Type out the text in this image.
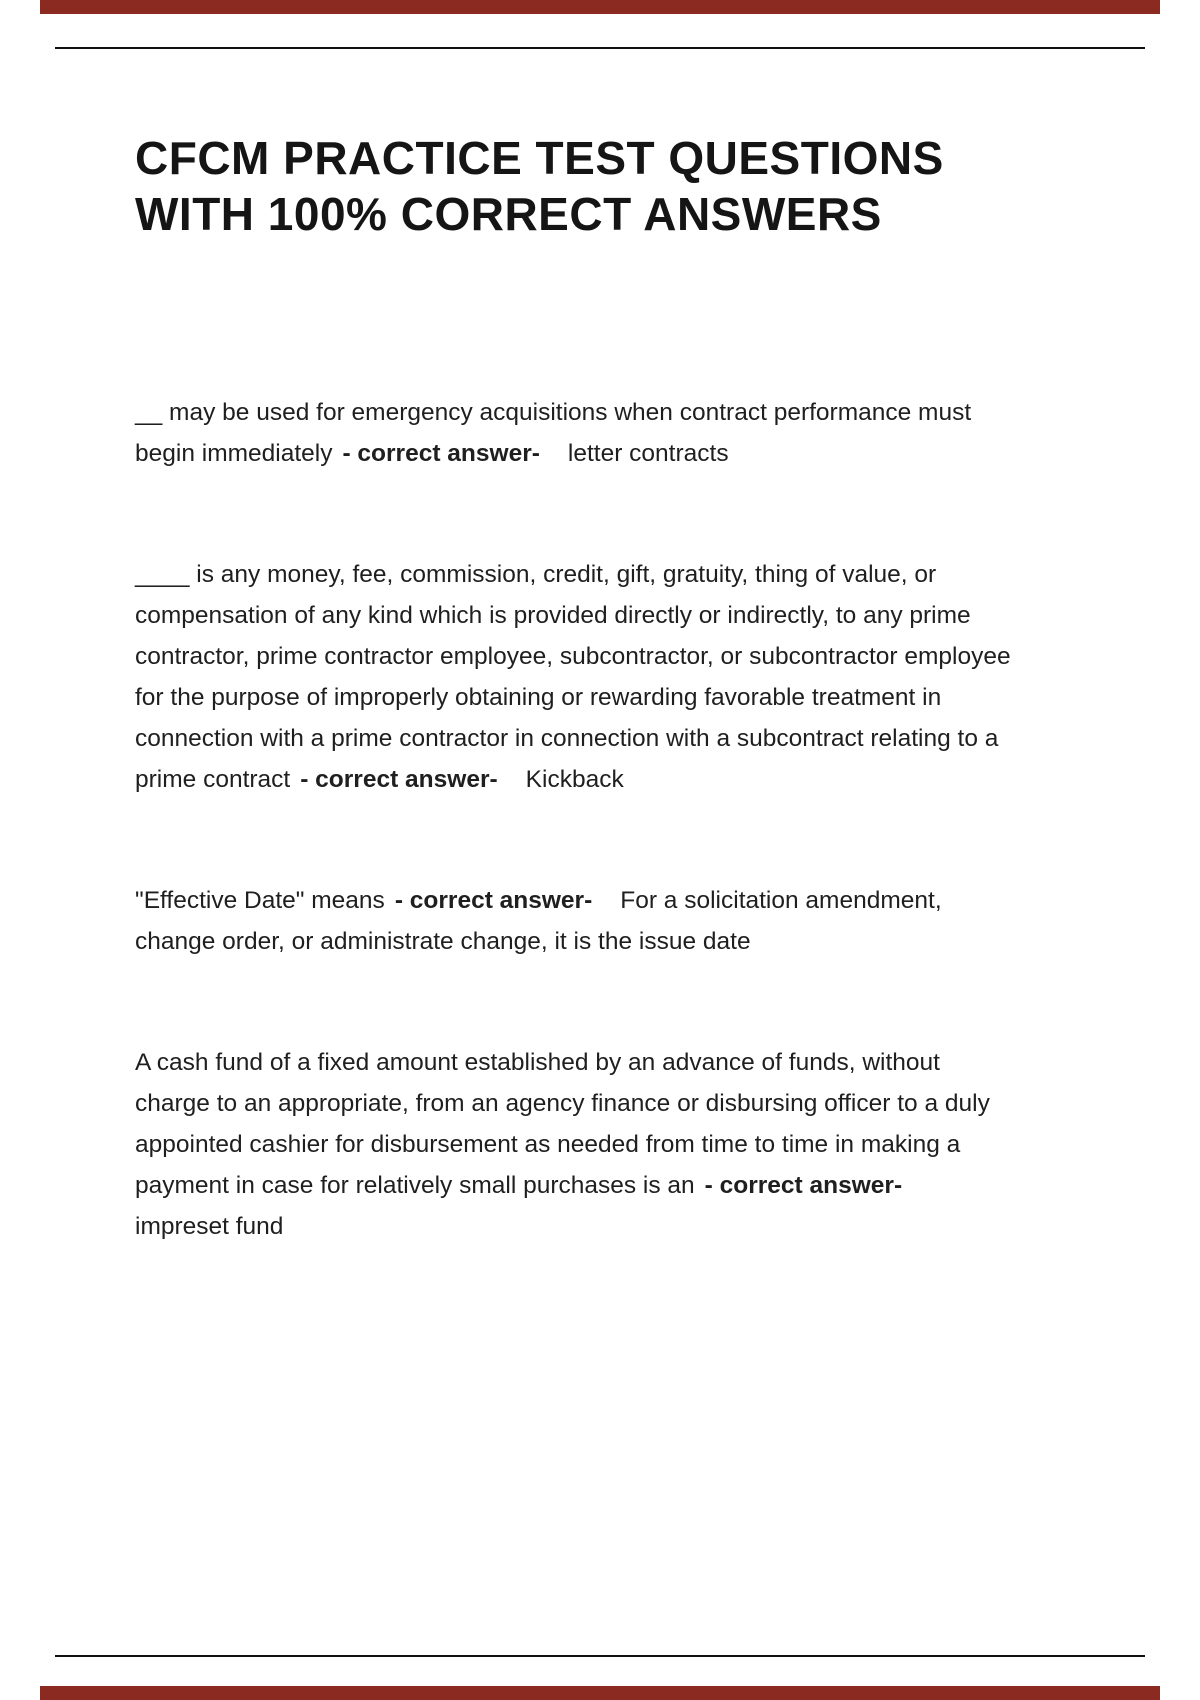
CFCM PRACTICE TEST QUESTIONS WITH 100% CORRECT ANSWERS

__ may be used for emergency acquisitions when contract performance must begin immediately - correct answer- letter contracts

____ is any money, fee, commission, credit, gift, gratuity, thing of value, or compensation of any kind which is provided directly or indirectly, to any prime contractor, prime contractor employee, subcontractor, or subcontractor employee for the purpose of improperly obtaining or rewarding favorable treatment in connection with a prime contractor in connection with a subcontract relating to a prime contract - correct answer- Kickback

"Effective Date" means - correct answer- For a solicitation amendment, change order, or administrate change, it is the issue date

A cash fund of a fixed amount established by an advance of funds, without charge to an appropriate, from an agency finance or disbursing officer to a duly appointed cashier for disbursement as needed from time to time in making a payment in case for relatively small purchases is an - correct answer-impreset fund
